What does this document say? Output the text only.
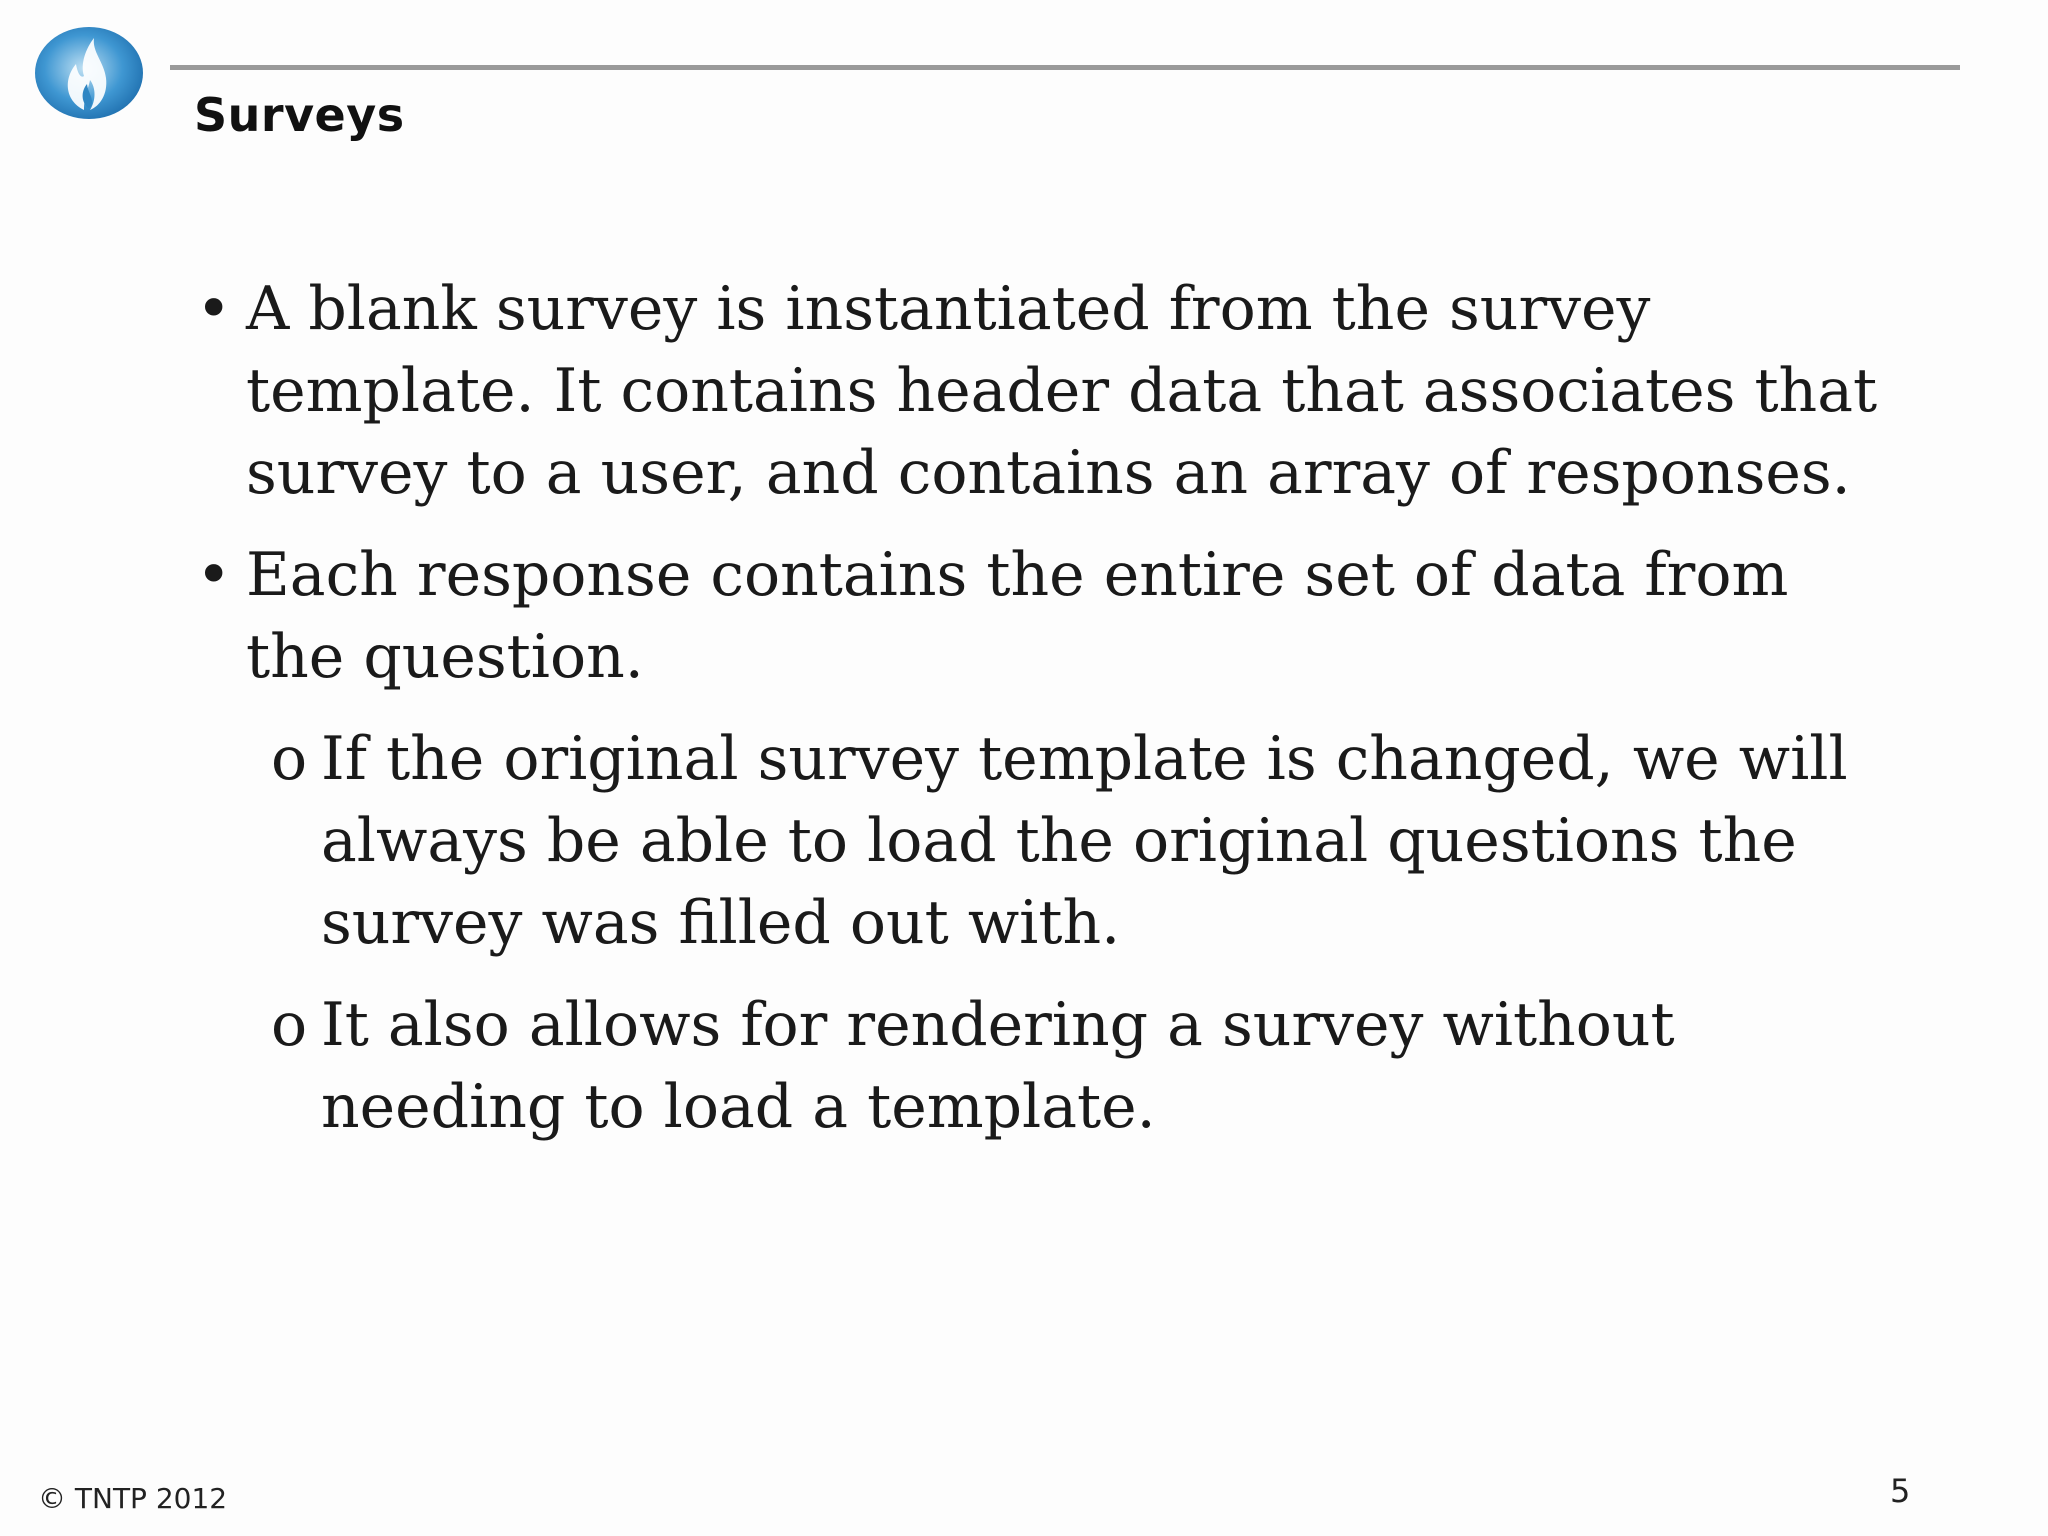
Surveys
• A blank survey is instantiated from the survey template. It contains header data that associates that survey to a user, and contains an array of responses.
• Each response contains the entire set of data from the question.
o If the original survey template is changed, we will always be able to load the original questions the survey was filled out with.
o It also allows for rendering a survey without needing to load a template.
© TNTP 2012	5
